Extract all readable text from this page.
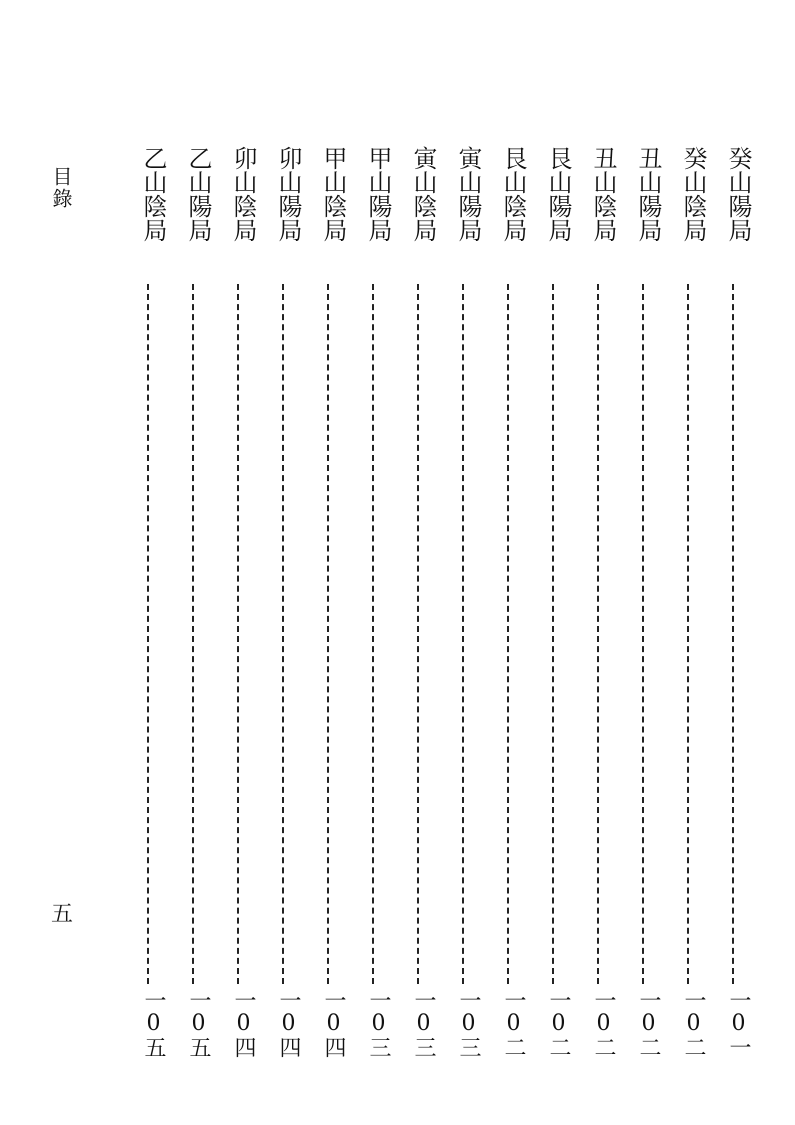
目錄
五
癸山陽局
一0一
癸山陰局
一0二
丑山陽局
一0二
丑山陰局
一0二
艮山陽局
一0二
艮山陰局
一0二
寅山陽局
一0三
寅山陰局
一0三
甲山陽局
一0三
甲山陰局
一0四
卯山陽局
一0四
卯山陰局
一0四
乙山陽局
一0五
乙山陰局
一0五
